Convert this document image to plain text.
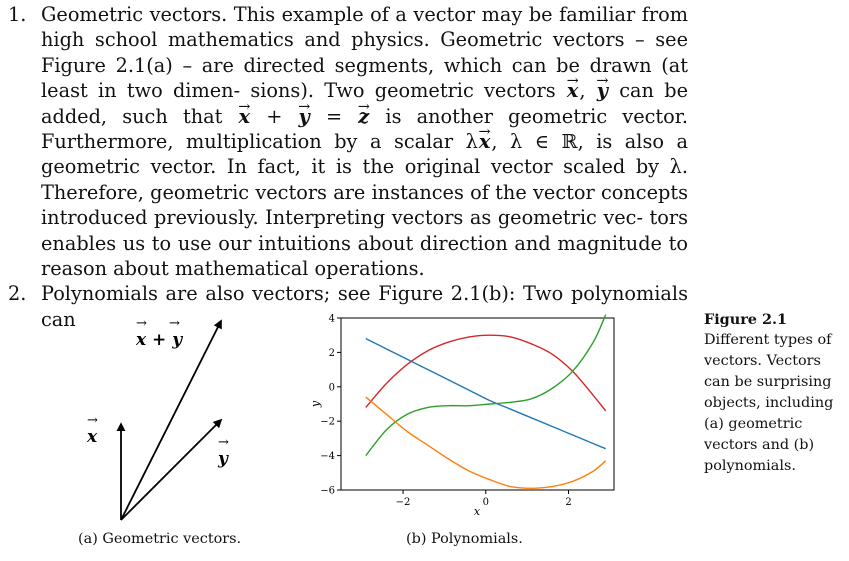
1. Geometric vectors. This example of a vector may be familiar from high school mathematics and physics. Geometric vectors – see Figure 2.1(a) – are directed segments, which can be drawn (at least in two dimen- sions). Two geometric vectors → x, → y can be added, such that → x + → y = → z is another geometric vector. Furthermore, multiplication by a scalar λ→ x, λ ∈ ℝ, is also a geometric vector. In fact, it is the original vector scaled by λ. Therefore, geometric vectors are instances of the vector concepts introduced previously. Interpreting vectors as geometric vec- tors enables us to use our intuitions about direction and magnitude to reason about mathematical operations.

2. Polynomials are also vectors; see Figure 2.1(b): Two polynomials can

x + y
→ →
x
→
y
→
(a) Geometric vectors.
−2	0	2
4
2
0
−2
−4
−6
x
y
(b) Polynomials.
Figure 2.1
Different types of vectors. Vectors can be surprising objects, including (a) geometric vectors and (b) polynomials.
